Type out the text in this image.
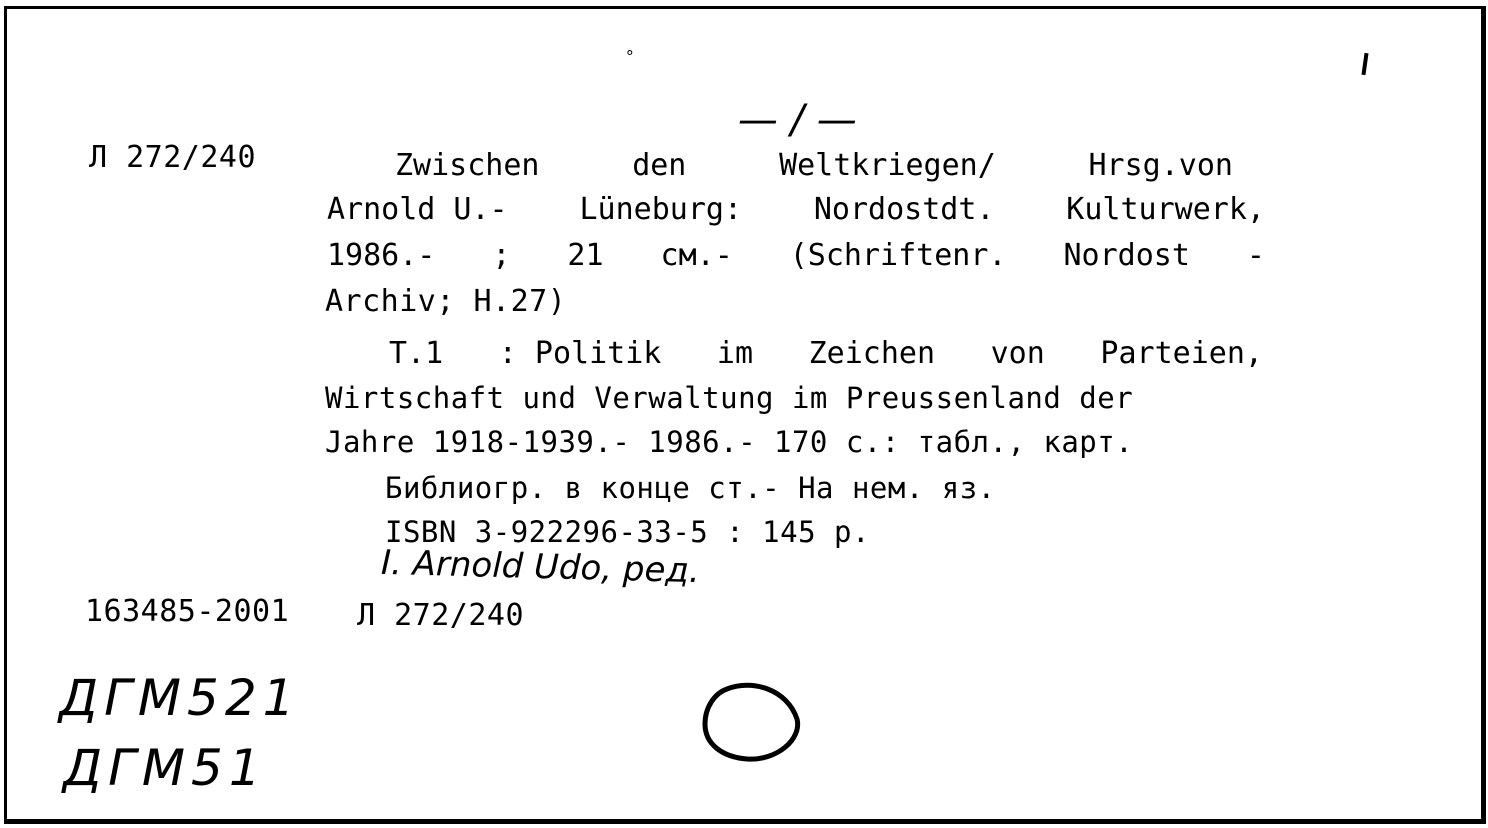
— / —

°
Л 272/240	Zwischen	den	Weltkriegen/	Hrsg.von
Arnold U.- Lüneburg: Nordostdt. Kulturwerk,
1986.- ; 21 см.- (Schriftenr. Nordost -
Archiv; H.27)
T.1 : Politik im Zeichen von Parteien,
Wirtschaft und Verwaltung im Preussenland der
Jahre 1918-1939.- 1986.- 170 с.: табл., карт.
Библиогр. в конце ст.- На нем. яз.
ISBN 3-922296-33-5 : 145 р.
I. Arnold Udo, ред.
163485-2001 Л 272/240
ДГМ521
ДГМ51
